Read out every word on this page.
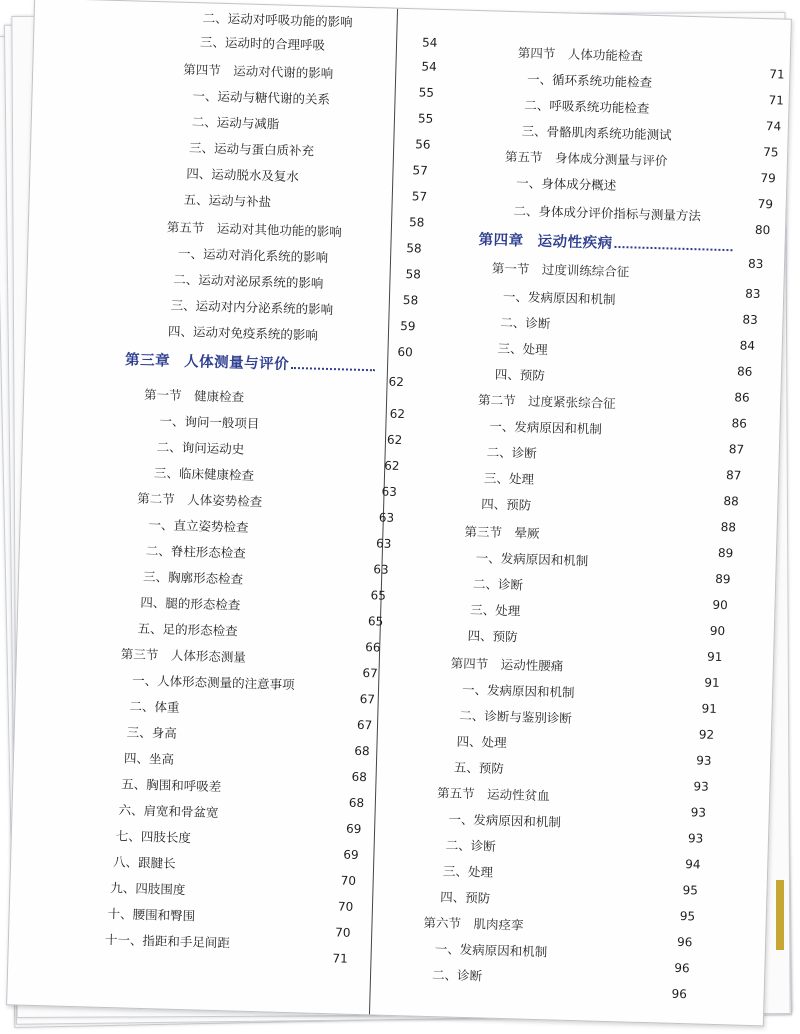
二、运动对呼吸功能的影响
54
三、运动时的合理呼吸
54
第四节　运动对代谢的影响
55
一、运动与糖代谢的关系
55
二、运动与减脂
56
三、运动与蛋白质补充
57
四、运动脱水及复水
57
五、运动与补盐
58
第五节　运动对其他功能的影响
58
一、运动对消化系统的影响
58
二、运动对泌尿系统的影响
58
三、运动对内分泌系统的影响
59
四、运动对免疫系统的影响
60
第三章 人体测量与评价
62
第一节　健康检查
62
一、询问一般项目
62
二、询问运动史
62
三、临床健康检查
63
第二节　人体姿势检查
63
一、直立姿势检查
63
二、脊柱形态检查
63
三、胸廓形态检查
65
四、腿的形态检查
65
五、足的形态检查
66
第三节　人体形态测量
67
一、人体形态测量的注意事项
67
二、体重
67
三、身高
68
四、坐高
68
五、胸围和呼吸差
68
六、肩宽和骨盆宽
69
七、四肢长度
69
八、跟腱长
70
九、四肢围度
70
十、腰围和臀围
70
十一、指距和手足间距
71
第四节　人体功能检查
71
一、循环系统功能检查
71
二、呼吸系统功能检查
74
三、骨骼肌肉系统功能测试
75
第五节　身体成分测量与评价
79
一、身体成分概述
79
二、身体成分评价指标与测量方法
80
第四章 运动性疾病
83
第一节　过度训练综合征
83
一、发病原因和机制
83
二、诊断
84
三、处理
86
四、预防
86
第二节　过度紧张综合征
86
一、发病原因和机制
87
二、诊断
87
三、处理
88
四、预防
88
第三节　晕厥
89
一、发病原因和机制
89
二、诊断
90
三、处理
90
四、预防
91
第四节　运动性腰痛
91
一、发病原因和机制
91
二、诊断与鉴别诊断
92
四、处理
93
五、预防
93
第五节　运动性贫血
93
一、发病原因和机制
93
二、诊断
94
三、处理
95
四、预防
95
第六节　肌肉痉挛
96
一、发病原因和机制
96
二、诊断
96
